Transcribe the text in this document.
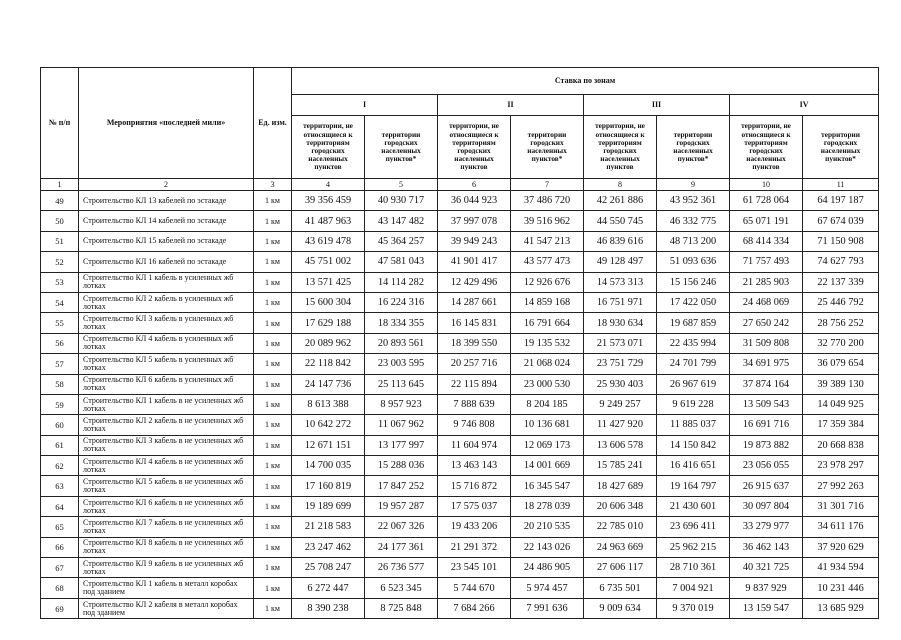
№ п/п	Мероприятия «последней мили»	Ед. изм.	Ставка по зонам							
			I		II		III		IV	
			территории, не относящиеся к территориям городских населенных пунктов	территории городских населенных пунктов*	территории, не относящиеся к территориям городских населенных пунктов	территории городских населенных пунктов*	территории, не относящиеся к территориям городских населенных пунктов	территории городских населенных пунктов*	территории, не относящиеся к территориям городских населенных пунктов	территории городских населенных пунктов*
1	2	3	4	5	6	7	8	9	10	11
49	Строительство КЛ 13 кабелей по эстакаде	1 км	39 356 459	40 930 717	36 044 923	37 486 720	42 261 886	43 952 361	61 728 064	64 197 187
50	Строительство КЛ 14 кабелей по эстакаде	1 км	41 487 963	43 147 482	37 997 078	39 516 962	44 550 745	46 332 775	65 071 191	67 674 039
51	Строительство КЛ 15 кабелей по эстакаде	1 км	43 619 478	45 364 257	39 949 243	41 547 213	46 839 616	48 713 200	68 414 334	71 150 908
52	Строительство КЛ 16 кабелей по эстакаде	1 км	45 751 002	47 581 043	41 901 417	43 577 473	49 128 497	51 093 636	71 757 493	74 627 793
53	Строительство КЛ 1 кабель в усиленных жб лотках	1 км	13 571 425	14 114 282	12 429 496	12 926 676	14 573 313	15 156 246	21 285 903	22 137 339
54	Строительство КЛ 2 кабель в усиленных жб лотках	1 км	15 600 304	16 224 316	14 287 661	14 859 168	16 751 971	17 422 050	24 468 069	25 446 792
55	Строительство КЛ 3 кабель в усиленных жб лотках	1 км	17 629 188	18 334 355	16 145 831	16 791 664	18 930 634	19 687 859	27 650 242	28 756 252
56	Строительство КЛ 4 кабель в усиленных жб лотках	1 км	20 089 962	20 893 561	18 399 550	19 135 532	21 573 071	22 435 994	31 509 808	32 770 200
57	Строительство КЛ 5 кабель в усиленных жб лотках	1 км	22 118 842	23 003 595	20 257 716	21 068 024	23 751 729	24 701 799	34 691 975	36 079 654
58	Строительство КЛ 6 кабель в усиленных жб лотках	1 км	24 147 736	25 113 645	22 115 894	23 000 530	25 930 403	26 967 619	37 874 164	39 389 130
59	Строительство КЛ 1 кабель в не усиленных жб лотках	1 км	8 613 388	8 957 923	7 888 639	8 204 185	9 249 257	9 619 228	13 509 543	14 049 925
60	Строительство КЛ 2 кабель в не усиленных жб лотках	1 км	10 642 272	11 067 962	9 746 808	10 136 681	11 427 920	11 885 037	16 691 716	17 359 384
61	Строительство КЛ 3 кабель в не усиленных жб лотках	1 км	12 671 151	13 177 997	11 604 974	12 069 173	13 606 578	14 150 842	19 873 882	20 668 838
62	Строительство КЛ 4 кабель в не усиленных жб лотках	1 км	14 700 035	15 288 036	13 463 143	14 001 669	15 785 241	16 416 651	23 056 055	23 978 297
63	Строительство КЛ 5 кабель в не усиленных жб лотках	1 км	17 160 819	17 847 252	15 716 872	16 345 547	18 427 689	19 164 797	26 915 637	27 992 263
64	Строительство КЛ 6 кабель в не усиленных жб лотках	1 км	19 189 699	19 957 287	17 575 037	18 278 039	20 606 348	21 430 601	30 097 804	31 301 716
65	Строительство КЛ 7 кабель в не усиленных жб лотках	1 км	21 218 583	22 067 326	19 433 206	20 210 535	22 785 010	23 696 411	33 279 977	34 611 176
66	Строительство КЛ 8 кабель в не усиленных жб лотках	1 км	23 247 462	24 177 361	21 291 372	22 143 026	24 963 669	25 962 215	36 462 143	37 920 629
67	Строительство КЛ 9 кабель в не усиленных жб лотках	1 км	25 708 247	26 736 577	23 545 101	24 486 905	27 606 117	28 710 361	40 321 725	41 934 594
68	Строительство КЛ 1 кабель в металл коробах под зданием	1 км	6 272 447	6 523 345	5 744 670	5 974 457	6 735 501	7 004 921	9 837 929	10 231 446
69	Строительство КЛ 2 кабеля в металл коробах под зданием	1 км	8 390 238	8 725 848	7 684 266	7 991 636	9 009 634	9 370 019	13 159 547	13 685 929
